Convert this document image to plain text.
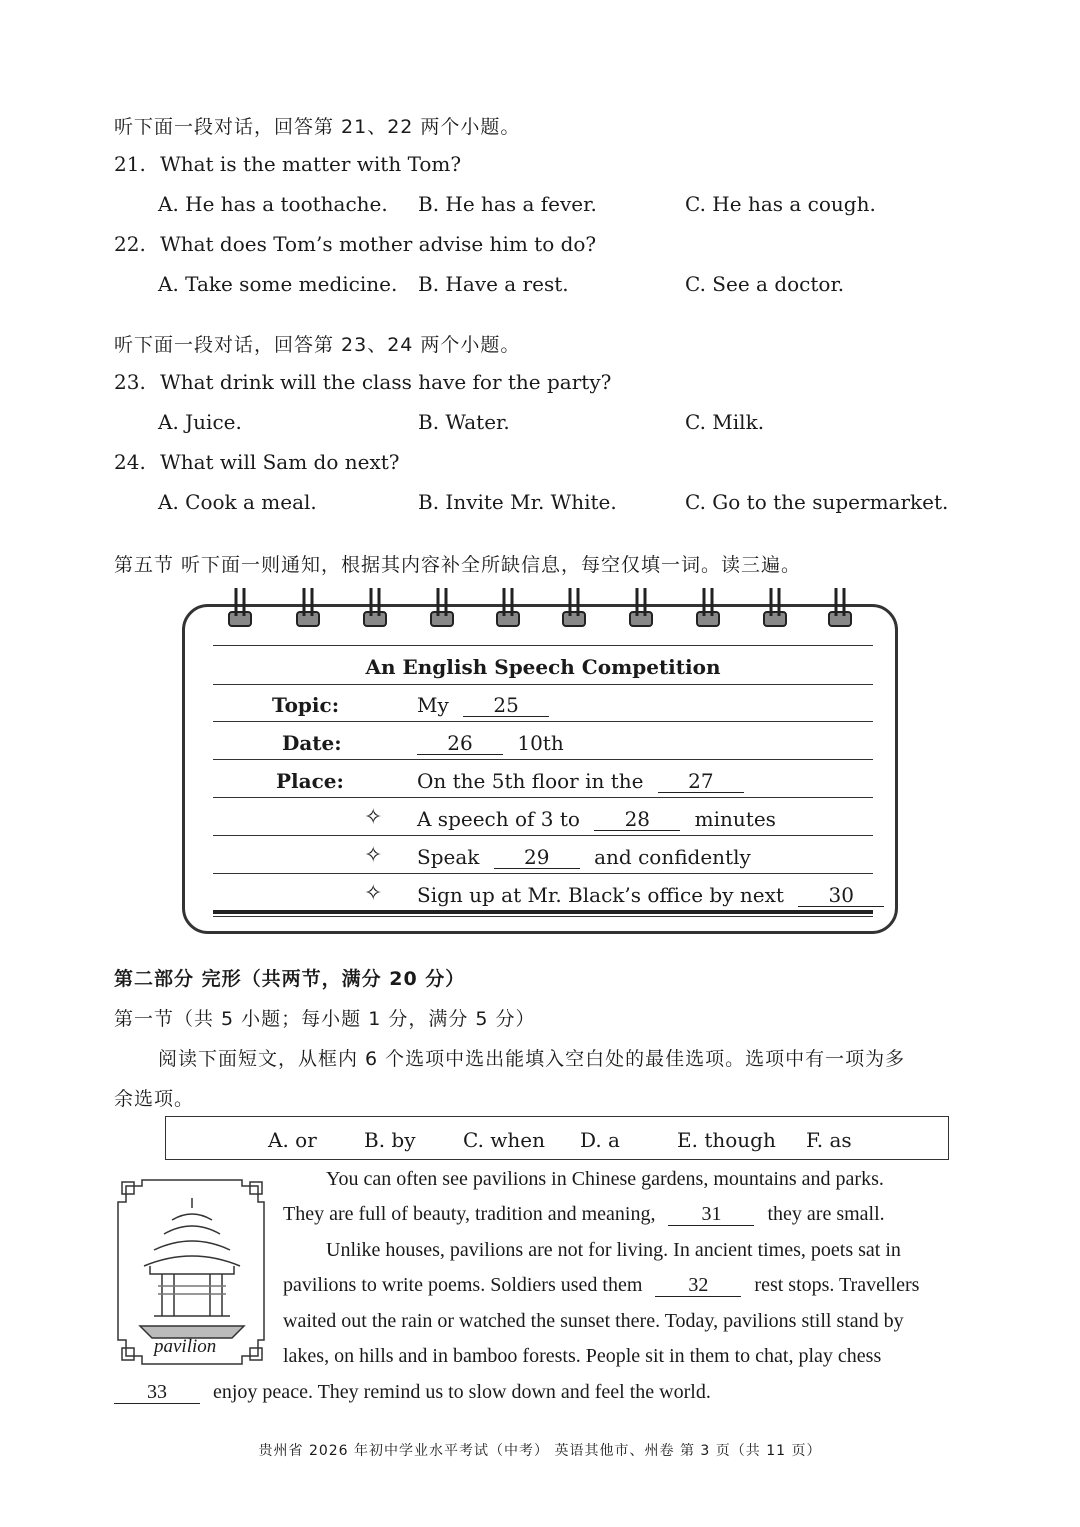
听下面一段对话，回答第 21、22 两个小题。
21. What is the matter with Tom?
A. He has a toothache. B. He has a fever.	C. He has a cough.
22. What does Tom’s mother advise him to do?
A. Take some medicine. B. Have a rest.	C. See a doctor.
听下面一段对话，回答第 23、24 两个小题。
23. What drink will the class have for the party?
A. Juice.	B. Water.	C. Milk.
24. What will Sam do next?
A. Cook a meal.	B. Invite Mr. White.	C. Go to the supermarket.
第五节 听下面一则通知，根据其内容补全所缺信息，每空仅填一词。读三遍。
An English Speech Competition
Topic:	My 25
Date:	26 10th
Place:	On the 5th floor in the 27
✧ A speech of 3 to 28 minutes
✧ Speak 29 and confidently
✧ Sign up at Mr. Black’s office by next 30
第二部分 完形（共两节，满分 20 分）
第一节（共 5 小题；每小题 1 分，满分 5 分）
阅读下面短文，从框内 6 个选项中选出能填入空白处的最佳选项。选项中有一项为多
余选项。
A. or B. by C. when D. a	E. though F. as
pavilion
You can often see pavilions in Chinese gardens, mountains and parks.
They are full of beauty, tradition and meaning, 31 they are small.
Unlike houses, pavilions are not for living. In ancient times, poets sat in
pavilions to write poems. Soldiers used them 32 rest stops. Travellers
waited out the rain or watched the sunset there. Today, pavilions still stand by
lakes, on hills and in bamboo forests. People sit in them to chat, play chess
33 enjoy peace. They remind us to slow down and feel the world.
贵州省 2026 年初中学业水平考试（中考） 英语其他市、州卷 第 3 页（共 11 页）
